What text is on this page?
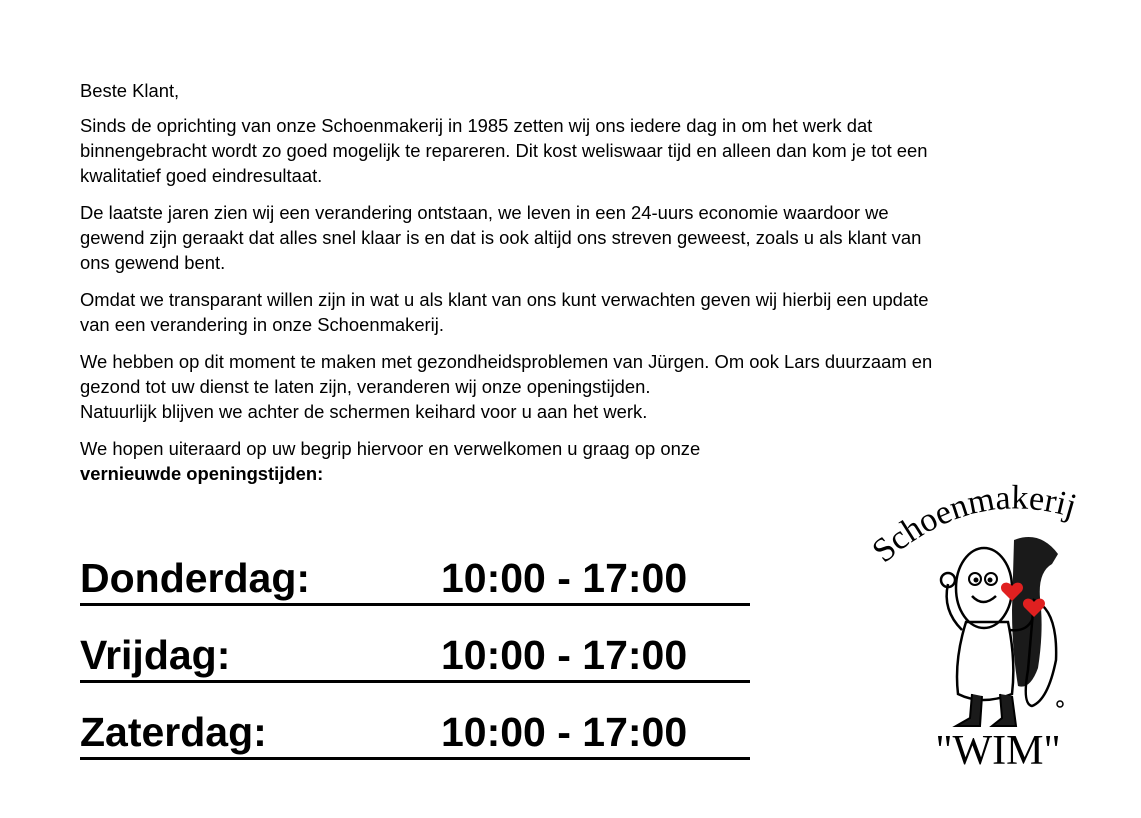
Beste Klant,

Sinds de oprichting van onze Schoenmakerij in 1985 zetten wij ons iedere dag in om het werk dat
binnengebracht wordt zo goed mogelijk te repareren. Dit kost weliswaar tijd en alleen dan kom je tot een
kwalitatief goed eindresultaat.

De laatste jaren zien wij een verandering ontstaan, we leven in een 24-uurs economie waardoor we
gewend zijn geraakt dat alles snel klaar is en dat is ook altijd ons streven geweest, zoals u als klant van
ons gewend bent.

Omdat we transparant willen zijn in wat u als klant van ons kunt verwachten geven wij hierbij een update
van een verandering in onze Schoenmakerij.

We hebben op dit moment te maken met gezondheidsproblemen van Jürgen. Om ook Lars duurzaam en
gezond tot uw dienst te laten zijn, veranderen wij onze openingstijden.
Natuurlijk blijven we achter de schermen keihard voor u aan het werk.

We hopen uiteraard op uw begrip hiervoor en verwelkomen u graag op onze
vernieuwde openingstijden:

Donderdag:	10:00 - 17:00
Vrijdag:	10:00 - 17:00
Zaterdag:	10:00 - 17:00
Schoenmakerij
"WIM"
